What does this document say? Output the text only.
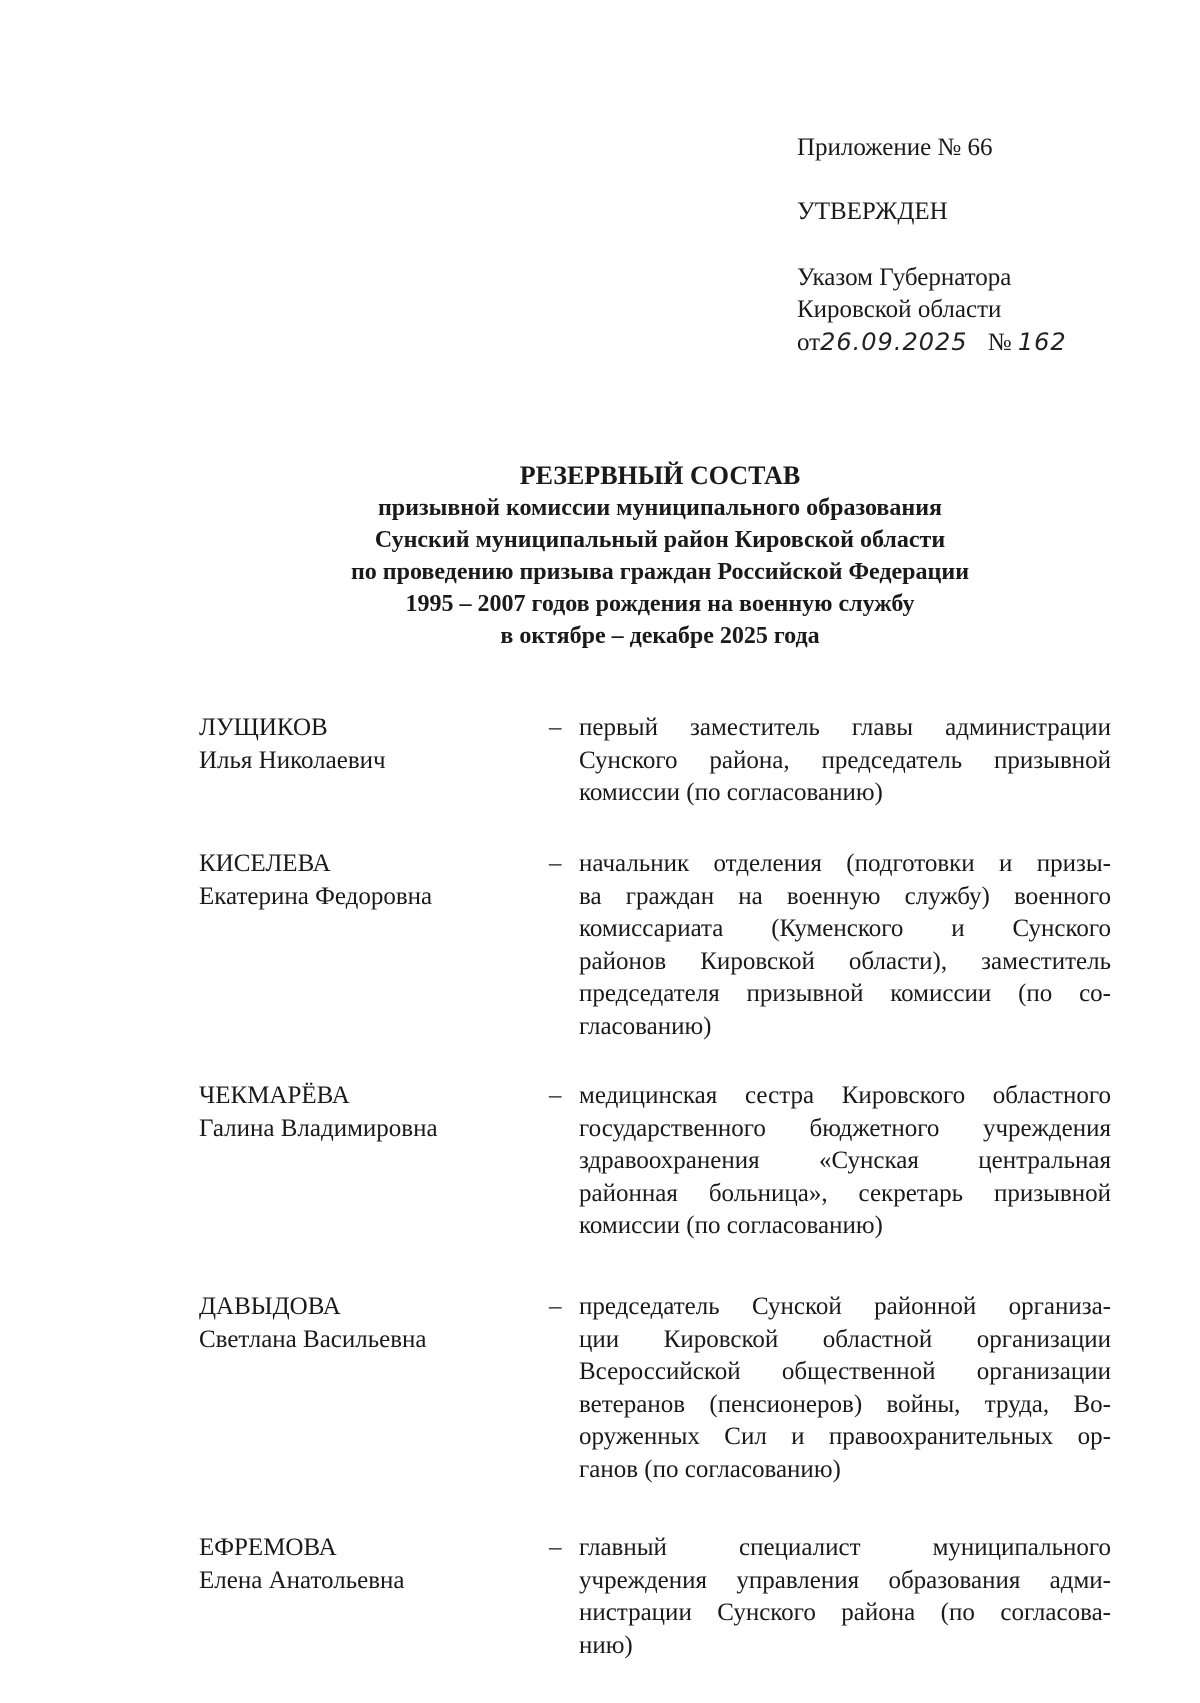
Приложение № 66
УТВЕРЖДЕН
Указом Губернатора
Кировской области
от26.09.2025 № 162
РЕЗЕРВНЫЙ СОСТАВ
призывной комиссии муниципального образования
Сунский муниципальный район Кировской области
по проведению призыва граждан Российской Федерации
1995 – 2007 годов рождения на военную службу
в октябре – декабре 2025 года
ЛУЩИКОВ
Илья Николаевич
– первый заместитель главы администрации
Сунского района, председатель призывной
комиссии (по согласованию)
КИСЕЛЕВА
Екатерина Федоровна
– начальник отделения (подготовки и призы-
ва граждан на военную службу) военного
комиссариата (Куменского и Сунского
районов Кировской области), заместитель
председателя призывной комиссии (по со-
гласованию)
ЧЕКМАРЁВА
Галина Владимировна
– медицинская сестра Кировского областного
государственного бюджетного учреждения
здравоохранения «Сунская центральная
районная больница», секретарь призывной
комиссии (по согласованию)
ДАВЫДОВА
Светлана Васильевна
– председатель Сунской районной организа-
ции Кировской областной организации
Всероссийской общественной организации
ветеранов (пенсионеров) войны, труда, Во-
оруженных Сил и правоохранительных ор-
ганов (по согласованию)
ЕФРЕМОВА
Елена Анатольевна
– главный специалист муниципального
учреждения управления образования адми-
нистрации Сунского района (по согласова-
нию)
